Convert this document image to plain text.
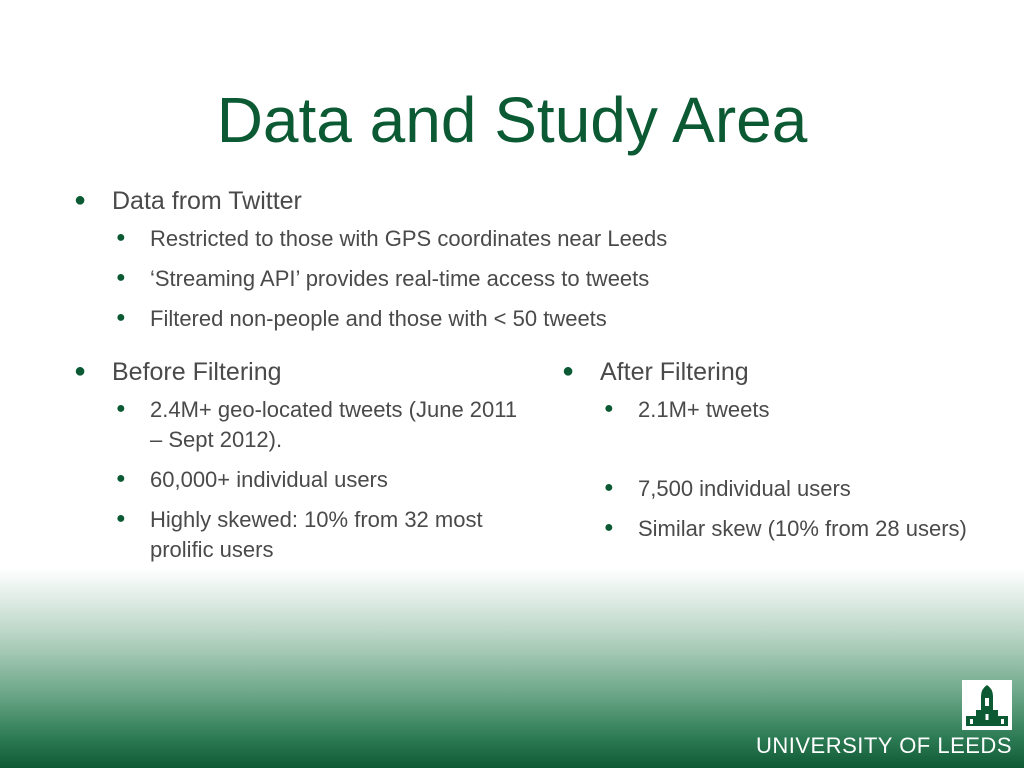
Data and Study Area
● Data from Twitter
● Restricted to those with GPS coordinates near Leeds
● ‘Streaming API’ provides real-time access to tweets
● Filtered non-people and those with < 50 tweets
● Before Filtering
● 2.4M+ geo-located tweets (June 2011 – Sept 2012).
● 60,000+ individual users
● Highly skewed: 10% from 32 most prolific users
● After Filtering
● 2.1M+ tweets
● 7,500 individual users
● Similar skew (10% from 28 users)
UNIVERSITY OF LEEDS
